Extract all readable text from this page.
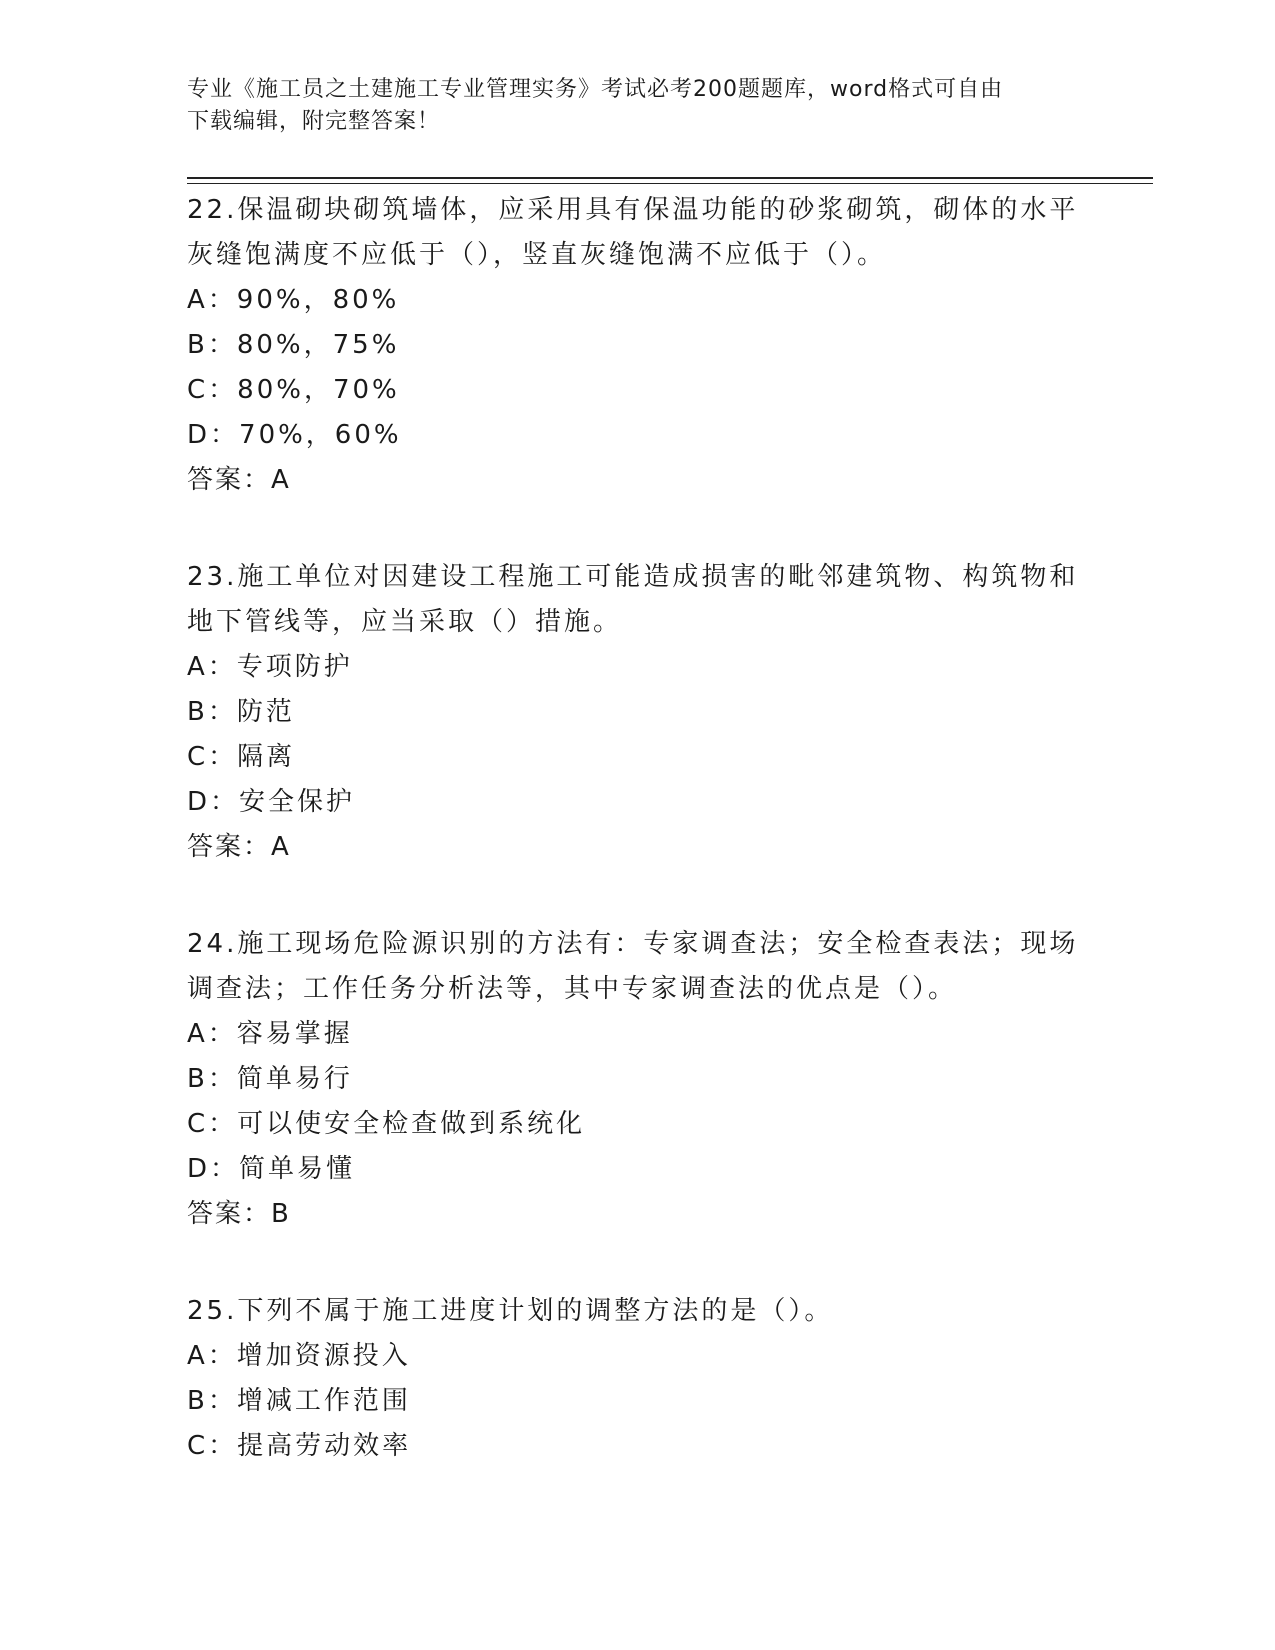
专业《施工员之土建施工专业管理实务》考试必考200题题库，word格式可自由
下载编辑，附完整答案！
22.保温砌块砌筑墙体，应采用具有保温功能的砂浆砌筑，砌体的水平
灰缝饱满度不应低于（），竖直灰缝饱满不应低于（）。
A：90%，80%
B：80%，75%
C：80%，70%
D：70%，60%
答案：A
23.施工单位对因建设工程施工可能造成损害的毗邻建筑物、构筑物和
地下管线等，应当采取（）措施。
A：专项防护
B：防范
C：隔离
D：安全保护
答案：A
24.施工现场危险源识别的方法有：专家调查法；安全检查表法；现场
调查法；工作任务分析法等，其中专家调查法的优点是（）。
A：容易掌握
B：简单易行
C：可以使安全检查做到系统化
D：简单易懂
答案：B
25.下列不属于施工进度计划的调整方法的是（）。
A：增加资源投入
B：增减工作范围
C：提高劳动效率
